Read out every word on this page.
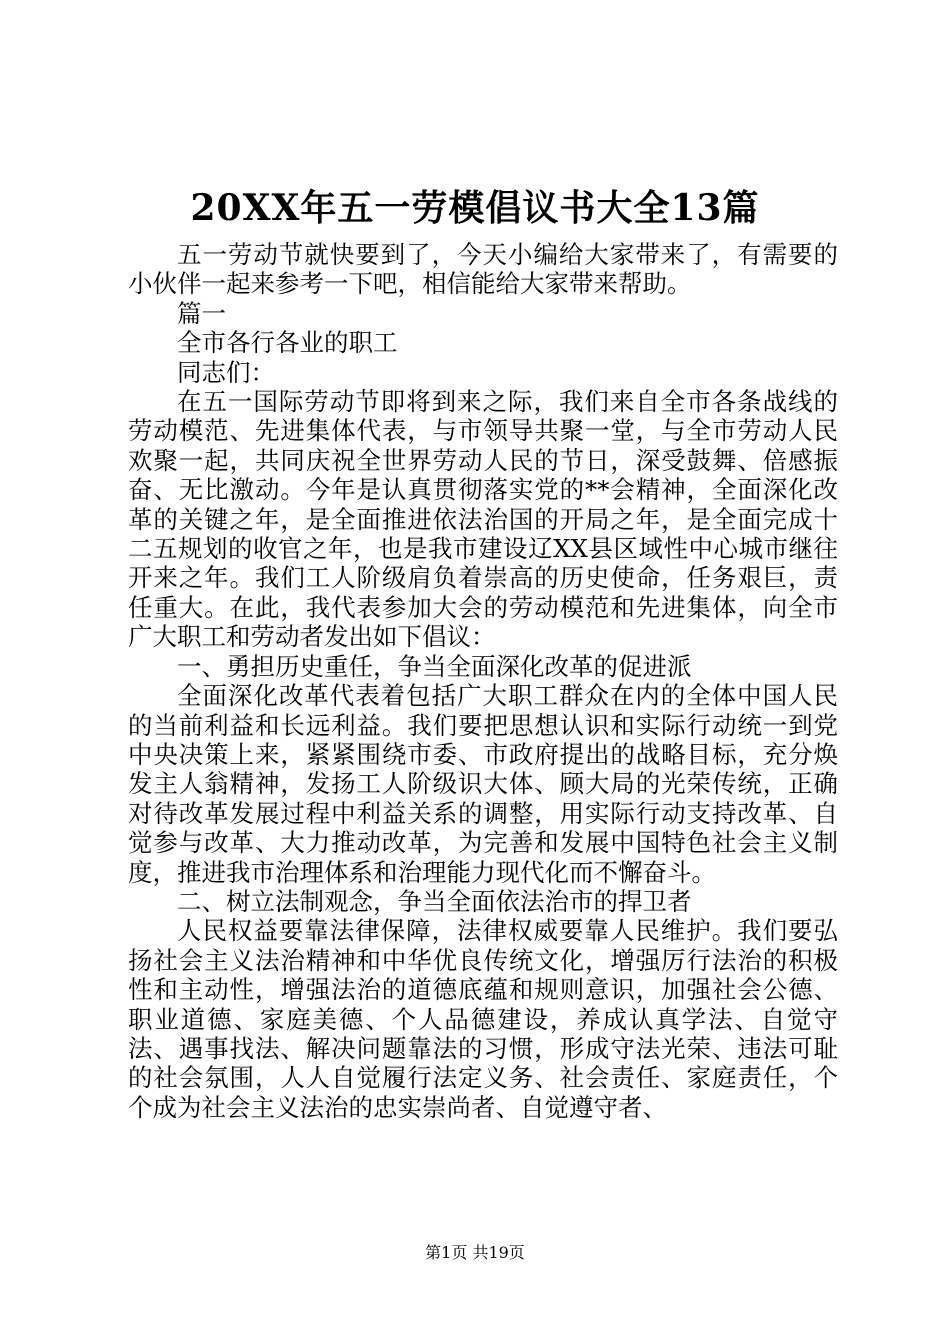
20XX年五一劳模倡议书大全13篇

五一劳动节就快要到了，今天小编给大家带来了，有需要的小伙伴一起来参考一下吧，相信能给大家带来帮助。

篇一

全市各行各业的职工

同志们：

在五一国际劳动节即将到来之际，我们来自全市各条战线的劳动模范、先进集体代表，与市领导共聚一堂，与全市劳动人民欢聚一起，共同庆祝全世界劳动人民的节日，深受鼓舞、倍感振奋、无比激动。今年是认真贯彻落实党的**会精神，全面深化改革的关键之年，是全面推进依法治国的开局之年，是全面完成十二五规划的收官之年，也是我市建设辽XX县区域性中心城市继往开来之年。我们工人阶级肩负着崇高的历史使命，任务艰巨，责任重大。在此，我代表参加大会的劳动模范和先进集体，向全市广大职工和劳动者发出如下倡议：

一、勇担历史重任，争当全面深化改革的促进派

全面深化改革代表着包括广大职工群众在内的全体中国人民的当前利益和长远利益。我们要把思想认识和实际行动统一到党中央决策上来，紧紧围绕市委、市政府提出的战略目标，充分焕发主人翁精神，发扬工人阶级识大体、顾大局的光荣传统，正确对待改革发展过程中利益关系的调整，用实际行动支持改革、自觉参与改革、大力推动改革，为完善和发展中国特色社会主义制度，推进我市治理体系和治理能力现代化而不懈奋斗。

二、树立法制观念，争当全面依法治市的捍卫者

人民权益要靠法律保障，法律权威要靠人民维护。我们要弘扬社会主义法治精神和中华优良传统文化，增强厉行法治的积极性和主动性，增强法治的道德底蕴和规则意识，加强社会公德、职业道德、家庭美德、个人品德建设，养成认真学法、自觉守法、遇事找法、解决问题靠法的习惯，形成守法光荣、违法可耻的社会氛围，人人自觉履行法定义务、社会责任、家庭责任，个个成为社会主义法治的忠实崇尚者、自觉遵守者、

第1页 共19页
